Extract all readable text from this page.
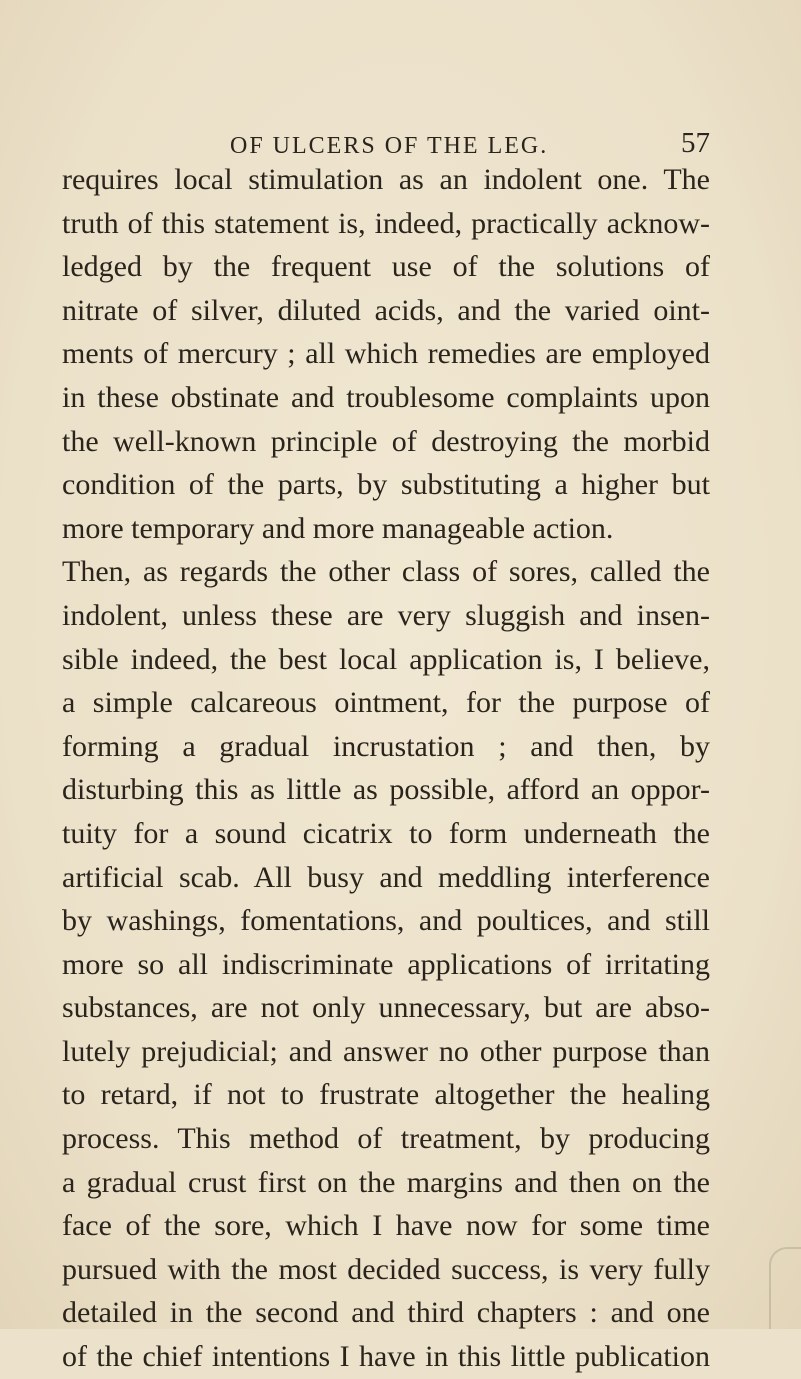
OF ULCERS OF THE LEG.	57
requires local stimulation as an indolent one. The
truth of this statement is, indeed, practically acknow-
ledged by the frequent use of the solutions of
nitrate of silver, diluted acids, and the varied oint-
ments of mercury ; all which remedies are employed
in these obstinate and troublesome complaints upon
the well-known principle of destroying the morbid
condition of the parts, by substituting a higher but
more temporary and more manageable action.
Then, as regards the other class of sores, called the
indolent, unless these are very sluggish and insen-
sible indeed, the best local application is, I believe,
a simple calcareous ointment, for the purpose of
forming a gradual incrustation ; and then, by
disturbing this as little as possible, afford an oppor-
tuity for a sound cicatrix to form underneath the
artificial scab. All busy and meddling interference
by washings, fomentations, and poultices, and still
more so all indiscriminate applications of irritating
substances, are not only unnecessary, but are abso-
lutely prejudicial; and answer no other purpose than
to retard, if not to frustrate altogether the healing
process. This method of treatment, by producing
a gradual crust first on the margins and then on the
face of the sore, which I have now for some time
pursued with the most decided success, is very fully
detailed in the second and third chapters : and one
of the chief intentions I have in this little publication
